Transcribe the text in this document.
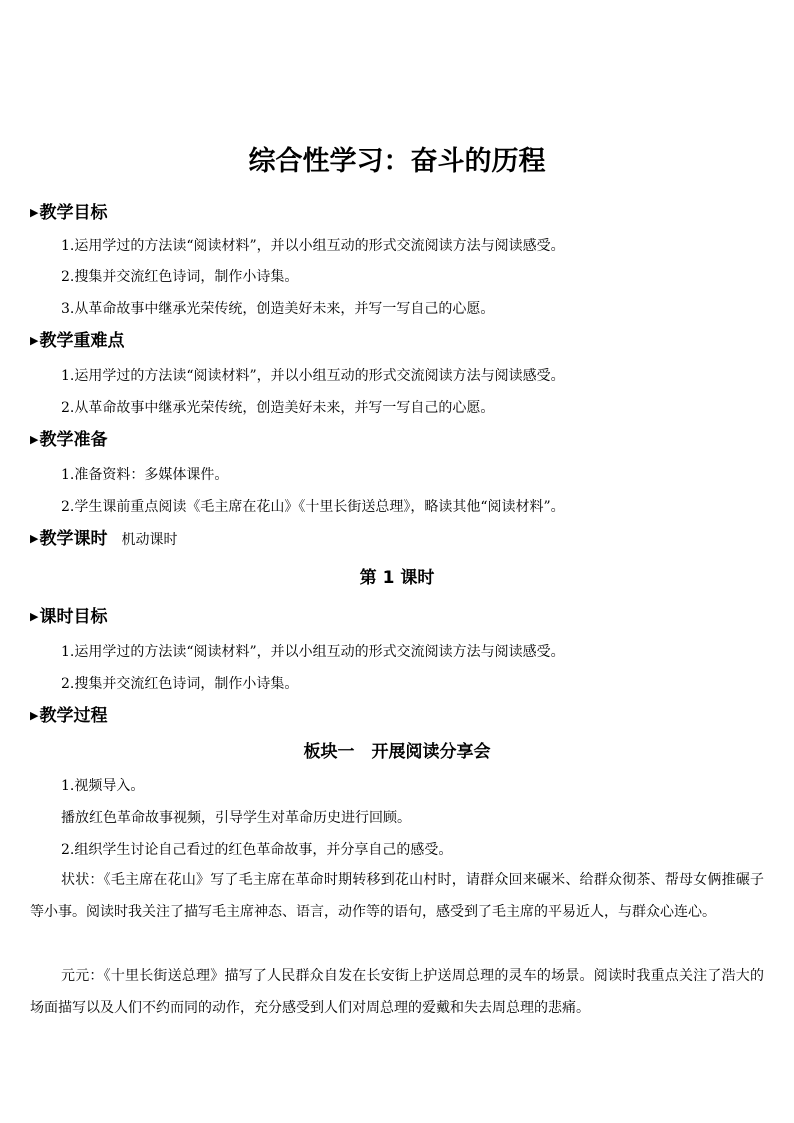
综合性学习：奋斗的历程
▶教学目标
1.运用学过的方法读“阅读材料”，并以小组互动的形式交流阅读方法与阅读感受。
2.搜集并交流红色诗词，制作小诗集。
3.从革命故事中继承光荣传统，创造美好未来，并写一写自己的心愿。
▶教学重难点
1.运用学过的方法读“阅读材料”，并以小组互动的形式交流阅读方法与阅读感受。
2.从革命故事中继承光荣传统，创造美好未来，并写一写自己的心愿。
▶教学准备
1.准备资料：多媒体课件。
2.学生课前重点阅读《毛主席在花山》《十里长街送总理》，略读其他“阅读材料”。
▶教学课时 机动课时
第 1 课时
▶课时目标
1.运用学过的方法读“阅读材料”，并以小组互动的形式交流阅读方法与阅读感受。
2.搜集并交流红色诗词，制作小诗集。
▶教学过程
板块一　开展阅读分享会
1.视频导入。
播放红色革命故事视频，引导学生对革命历史进行回顾。
2.组织学生讨论自己看过的红色革命故事，并分享自己的感受。
状状：《毛主席在花山》写了毛主席在革命时期转移到花山村时，请群众回来碾米、给群众彻茶、帮母女俩推碾子等小事。阅读时我关注了描写毛主席神态、语言，动作等的语句，感受到了毛主席的平易近人，与群众心连心。
元元：《十里长街送总理》描写了人民群众自发在长安街上护送周总理的灵车的场景。阅读时我重点关注了浩大的场面描写以及人们不约而同的动作，充分感受到人们对周总理的爱戴和失去周总理的悲痛。
